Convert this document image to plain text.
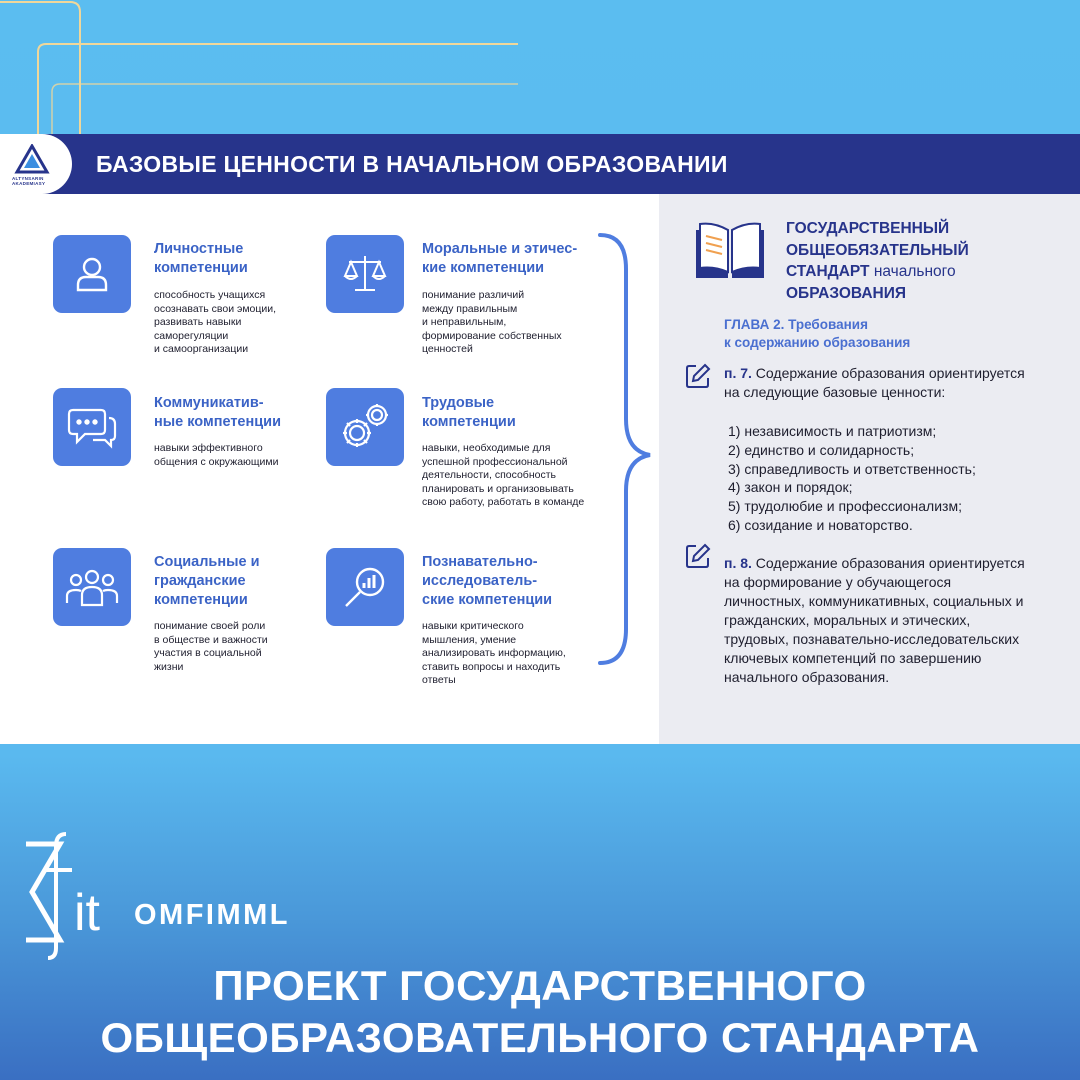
ALTYNSARIN
AKADEMIASY
БАЗОВЫЕ ЦЕННОСТИ В НАЧАЛЬНОМ ОБРАЗОВАНИИ
Личностные
компетенции
способность учащихся
осознавать свои эмоции,
развивать навыки
саморегуляции
и самоорганизации
Моральные и этичес-
кие компетенции
понимание различий
между правильным
и неправильным,
формирование собственных
ценностей
Коммуникатив-
ные компетенции
навыки эффективного
общения с окружающими
Трудовые
компетенции
навыки, необходимые для
успешной профессиональной
деятельности, способность
планировать и организовывать
свою работу, работать в команде
Социальные и
гражданские
компетенции
понимание своей роли
в обществе и важности
участия в социальной
жизни
Познавательно-
исследователь-
ские компетенции
навыки критического
мышления, умение
анализировать информацию,
ставить вопросы и находить
ответы
ГОСУДАРСТВЕННЫЙ
ОБЩЕОБЯЗАТЕЛЬНЫЙ
СТАНДАРТ начального
ОБРАЗОВАНИЯ
ГЛАВА 2. Требования
к содержанию образования
п. 7. Содержание образования ориентируется
на следующие базовые ценности:
1) независимость и патриотизм;
2) единство и солидарность;
3) справедливость и ответственность;
4) закон и порядок;
5) трудолюбие и профессионализм;
6) созидание и новаторство.
п. 8. Содержание образования ориентируется
на формирование у обучающегося
личностных, коммуникативных, социальных и
гражданских, моральных и этических,
трудовых, познавательно-исследовательских
ключевых компетенций по завершению
начального образования.
it OMFIMML
ПРОЕКТ ГОСУДАРСТВЕННОГО
ОБЩЕОБРАЗОВАТЕЛЬНОГО СТАНДАРТА
